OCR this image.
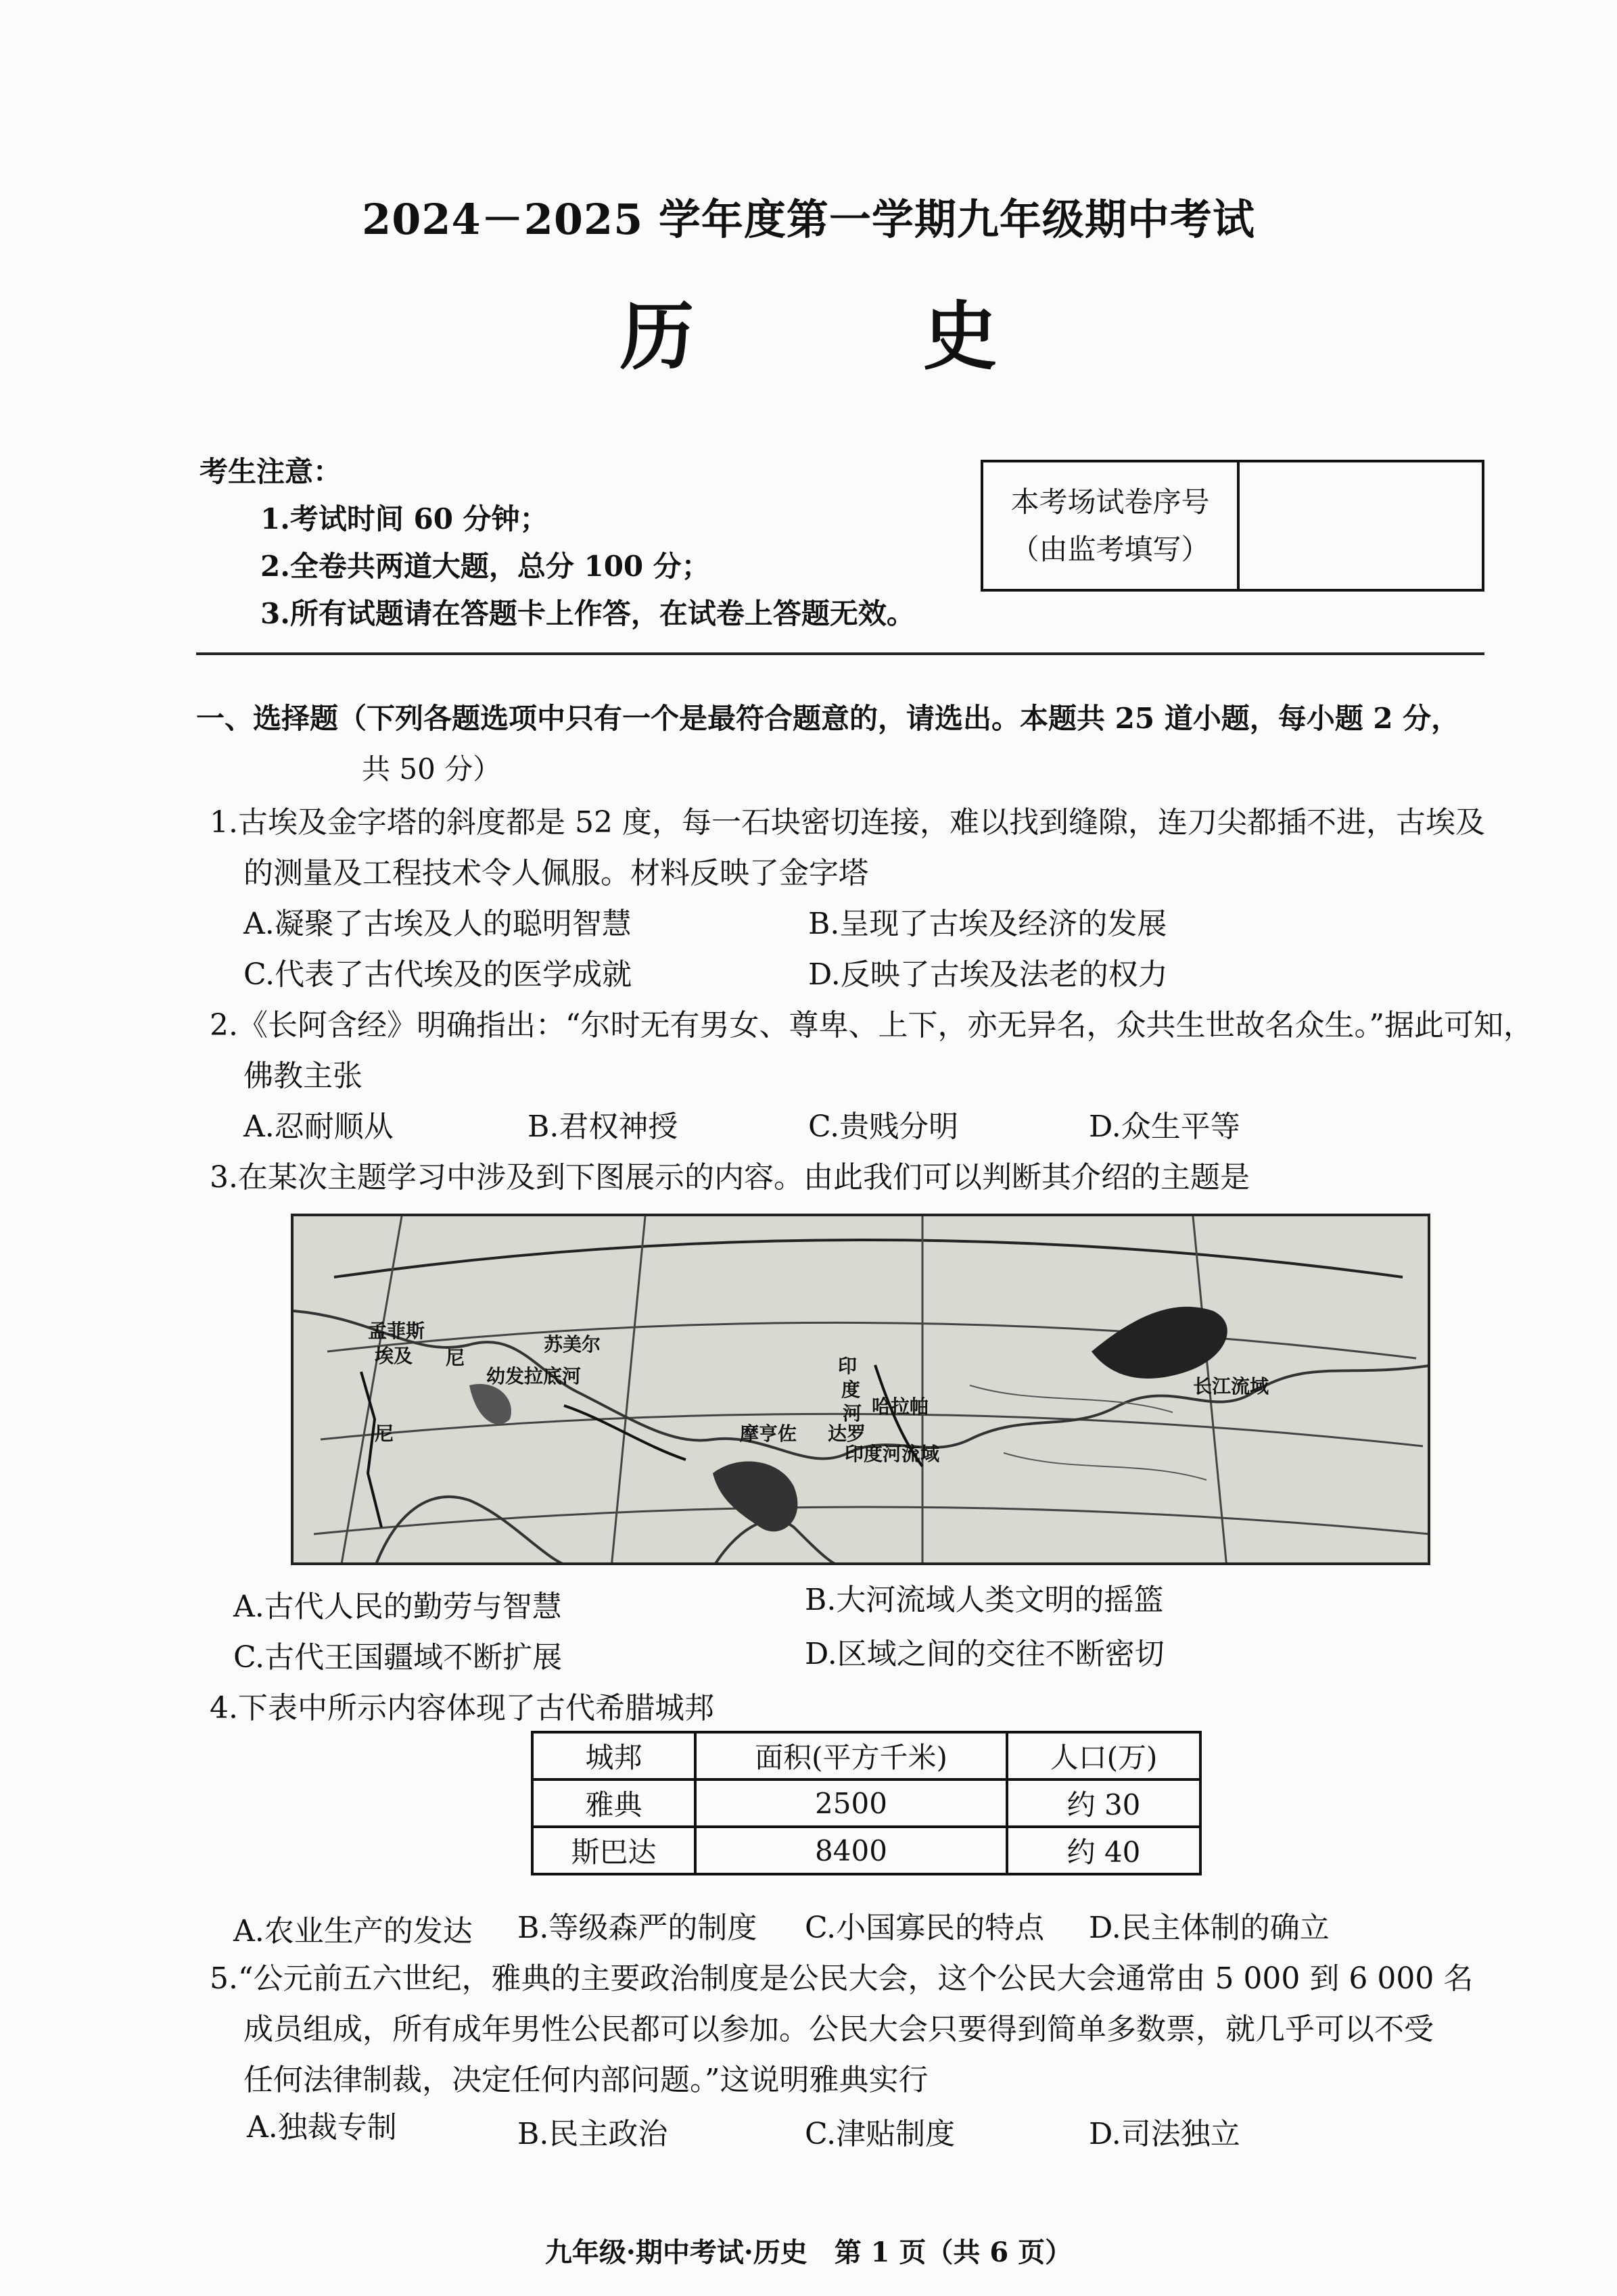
2024－2025 学年度第一学期九年级期中考试
历 史
考生注意：
1.考试时间 60 分钟；
2.全卷共两道大题，总分 100 分；
3.所有试题请在答题卡上作答，在试卷上答题无效。
本考场试卷序号
（由监考填写）
一、选择题（下列各题选项中只有一个是最符合题意的，请选出。本题共 25 道小题，每小题 2 分，
共 50 分）
1.古埃及金字塔的斜度都是 52 度，每一石块密切连接，难以找到缝隙，连刀尖都插不进，古埃及
的测量及工程技术令人佩服。材料反映了金字塔
A.凝聚了古埃及人的聪明智慧	B.呈现了古埃及经济的发展
C.代表了古代埃及的医学成就	D.反映了古埃及法老的权力
2.《长阿含经》明确指出：“尔时无有男女、尊卑、上下，亦无异名，众共生世故名众生。”据此可知，
佛教主张
A.忍耐顺从	B.君权神授	C.贵贱分明	D.众生平等
3.在某次主题学习中涉及到下图展示的内容。由此我们可以判断其介绍的主题是
孟菲斯
埃及 尼
苏美尔
幼发拉底河	印
度
河 哈拉帕
摩亨佐 达罗
印度河流域
长江流域
尼
A.古代人民的勤劳与智慧	B.大河流域人类文明的摇篮
C.古代王国疆域不断扩展	D.区域之间的交往不断密切
4.下表中所示内容体现了古代希腊城邦
城邦	面积(平方千米)	人口(万)
雅典	2500	约 30
斯巴达	8400	约 40
A.农业生产的发达 B.等级森严的制度 C.小国寡民的特点 D.民主体制的确立
5.“公元前五六世纪，雅典的主要政治制度是公民大会，这个公民大会通常由 5 000 到 6 000 名
成员组成，所有成年男性公民都可以参加。公民大会只要得到简单多数票，就几乎可以不受
任何法律制裁，决定任何内部问题。”这说明雅典实行
A.独裁专制	B.民主政治	C.津贴制度	D.司法独立
九年级·期中考试·历史　第 1 页（共 6 页）
